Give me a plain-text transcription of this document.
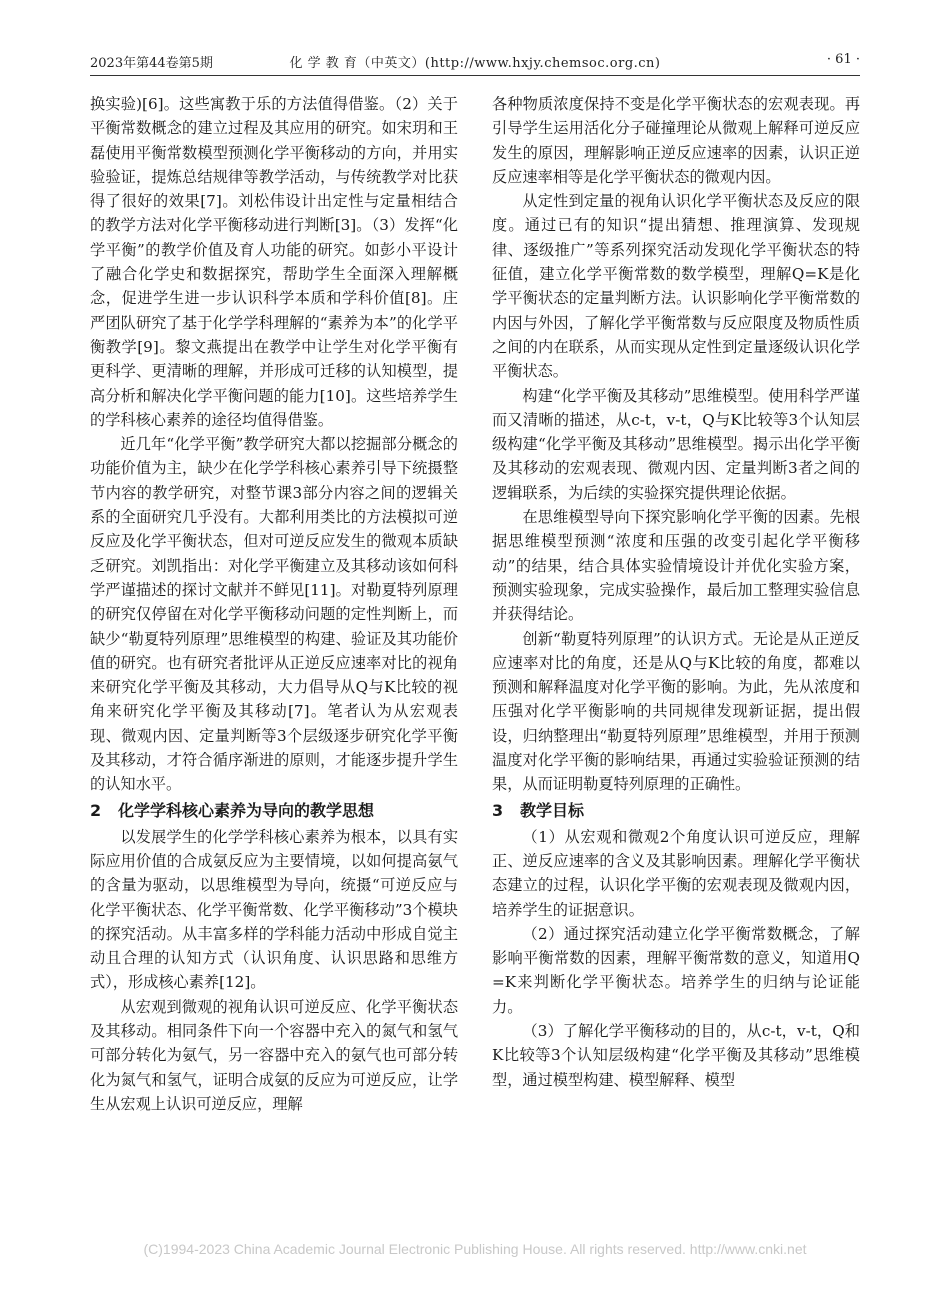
2023年第44卷第5期	化 学 教 育（中英文）(http://www.hxjy.chemsoc.org.cn)	· 61 ·

换实验)[6]。这些寓教于乐的方法值得借鉴。（2）关于平衡常数概念的建立过程及其应用的研究。如宋玥和王磊使用平衡常数模型预测化学平衡移动的方向，并用实验验证，提炼总结规律等教学活动，与传统教学对比获得了很好的效果[7]。刘松伟设计出定性与定量相结合的教学方法对化学平衡移动进行判断[3]。（3）发挥“化学平衡”的教学价值及育人功能的研究。如彭小平设计了融合化学史和数据探究，帮助学生全面深入理解概念，促进学生进一步认识科学本质和学科价值[8]。庄严团队研究了基于化学学科理解的“素养为本”的化学平衡教学[9]。黎文燕提出在教学中让学生对化学平衡有更科学、更清晰的理解，并形成可迁移的认知模型，提高分析和解决化学平衡问题的能力[10]。这些培养学生的学科核心素养的途径均值得借鉴。

近几年“化学平衡”教学研究大都以挖掘部分概念的功能价值为主，缺少在化学学科核心素养引导下统摄整节内容的教学研究，对整节课3部分内容之间的逻辑关系的全面研究几乎没有。大都利用类比的方法模拟可逆反应及化学平衡状态，但对可逆反应发生的微观本质缺乏研究。刘凯指出：对化学平衡建立及其移动该如何科学严谨描述的探讨文献并不鲜见[11]。对勒夏特列原理的研究仅停留在对化学平衡移动问题的定性判断上，而缺少“勒夏特列原理”思维模型的构建、验证及其功能价值的研究。也有研究者批评从正逆反应速率对比的视角来研究化学平衡及其移动，大力倡导从Q与K比较的视角来研究化学平衡及其移动[7]。笔者认为从宏观表现、微观内因、定量判断等3个层级逐步研究化学平衡及其移动，才符合循序渐进的原则，才能逐步提升学生的认知水平。

2 化学学科核心素养为导向的教学思想

以发展学生的化学学科核心素养为根本，以具有实际应用价值的合成氨反应为主要情境，以如何提高氨气的含量为驱动，以思维模型为导向，统摄“可逆反应与化学平衡状态、化学平衡常数、化学平衡移动”3个模块的探究活动。从丰富多样的学科能力活动中形成自觉主动且合理的认知方式（认识角度、认识思路和思维方式），形成核心素养[12]。

从宏观到微观的视角认识可逆反应、化学平衡状态及其移动。相同条件下向一个容器中充入的氮气和氢气可部分转化为氨气，另一容器中充入的氨气也可部分转化为氮气和氢气，证明合成氨的反应为可逆反应，让学生从宏观上认识可逆反应，理解

各种物质浓度保持不变是化学平衡状态的宏观表现。再引导学生运用活化分子碰撞理论从微观上解释可逆反应发生的原因，理解影响正逆反应速率的因素，认识正逆反应速率相等是化学平衡状态的微观内因。

从定性到定量的视角认识化学平衡状态及反应的限度。通过已有的知识“提出猜想、推理演算、发现规律、逐级推广”等系列探究活动发现化学平衡状态的特征值，建立化学平衡常数的数学模型，理解Q=K是化学平衡状态的定量判断方法。认识影响化学平衡常数的内因与外因，了解化学平衡常数与反应限度及物质性质之间的内在联系，从而实现从定性到定量逐级认识化学平衡状态。

构建“化学平衡及其移动”思维模型。使用科学严谨而又清晰的描述，从c-t，v-t，Q与K比较等3个认知层级构建“化学平衡及其移动”思维模型。揭示出化学平衡及其移动的宏观表现、微观内因、定量判断3者之间的逻辑联系，为后续的实验探究提供理论依据。

在思维模型导向下探究影响化学平衡的因素。先根据思维模型预测“浓度和压强的改变引起化学平衡移动”的结果，结合具体实验情境设计并优化实验方案，预测实验现象，完成实验操作，最后加工整理实验信息并获得结论。

创新“勒夏特列原理”的认识方式。无论是从正逆反应速率对比的角度，还是从Q与K比较的角度，都难以预测和解释温度对化学平衡的影响。为此，先从浓度和压强对化学平衡影响的共同规律发现新证据，提出假设，归纳整理出“勒夏特列原理”思维模型，并用于预测温度对化学平衡的影响结果，再通过实验验证预测的结果，从而证明勒夏特列原理的正确性。

3 教学目标

（1）从宏观和微观2个角度认识可逆反应，理解正、逆反应速率的含义及其影响因素。理解化学平衡状态建立的过程，认识化学平衡的宏观表现及微观内因，培养学生的证据意识。

（2）通过探究活动建立化学平衡常数概念，了解影响平衡常数的因素，理解平衡常数的意义，知道用Q=K来判断化学平衡状态。培养学生的归纳与论证能力。

（3）了解化学平衡移动的目的，从c-t，v-t，Q和K比较等3个认知层级构建“化学平衡及其移动”思维模型，通过模型构建、模型解释、模型

(C)1994-2023 China Academic Journal Electronic Publishing House. All rights reserved. http://www.cnki.net
